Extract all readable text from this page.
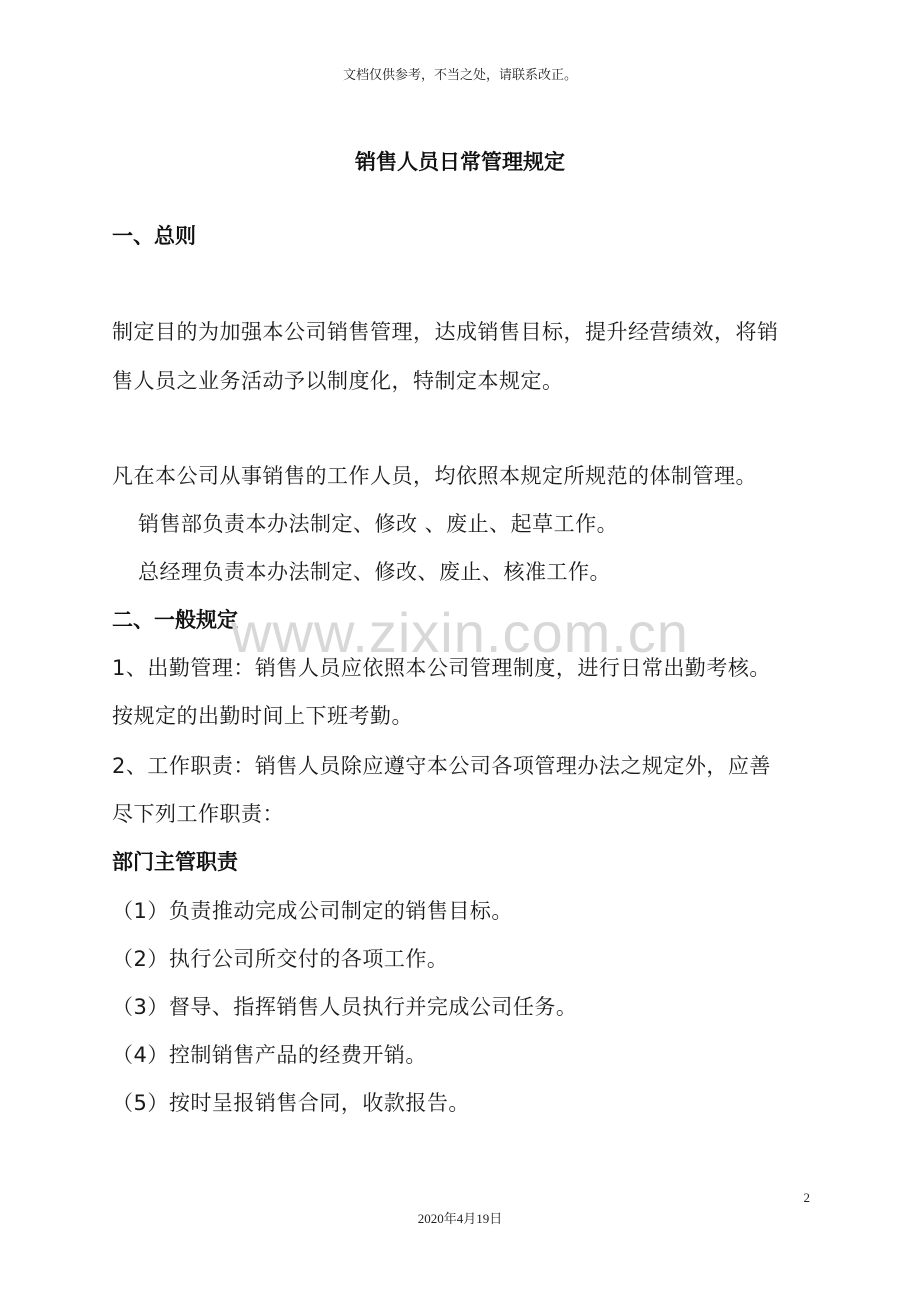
文档仅供参考，不当之处，请联系改正。
销售人员日常管理规定
一、总则
制定目的为加强本公司销售管理，达成销售目标，提升经营绩效，将销
售人员之业务活动予以制度化，特制定本规定。
凡在本公司从事销售的工作人员，均依照本规定所规范的体制管理。
销售部负责本办法制定、修改 、废止、起草工作。
总经理负责本办法制定、修改、废止、核准工作。
二、一般规定
www.zixin.com.cn
1、出勤管理：销售人员应依照本公司管理制度，进行日常出勤考核。
按规定的出勤时间上下班考勤。
2、工作职责：销售人员除应遵守本公司各项管理办法之规定外，应善
尽下列工作职责：
部门主管职责
（1）负责推动完成公司制定的销售目标。
（2）执行公司所交付的各项工作。
（3）督导、指挥销售人员执行并完成公司任务。
（4）控制销售产品的经费开销。
（5）按时呈报销售合同，收款报告。
2
2020年4月19日
